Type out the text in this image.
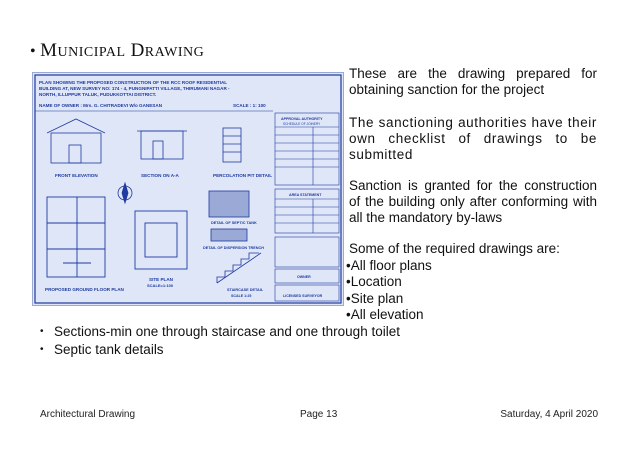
• MUNICIPAL DRAWING
PLAN SHOWING THE PROPOSED CONSTRUCTION OF THE RCC ROOF RESIDENTIAL
BUILDING AT, NEW SURVEY NO: 174 - 4, PUNGNIPATTI VILLAGE, THIRUMANI NAGAR -
NORTH, ILLUPPUR TALUK, PUDUKKOTTAI DISTRICT.
NAME OF OWNER : Mrs. G. CHITRADEVI W/o GANESAN	SCALE : 1: 100
FRONT ELEVATION	SECTION ON A-A	PERCOLATION PIT DETAIL
APPROVAL AUTHORITY
SCHEDULE OF JOINERY
AREA STATEMENT
OWNER
LICENSED SURVEYOR
PROPOSED GROUND FLOOR PLAN
SITE PLAN
SCALE=1:100
DETAIL OF SEPTIC TANK
DETAIL OF DISPERSION TRENCH
STAIRCASE DETAIL
SCALE 1:25
These are the drawing prepared for obtaining sanction for the project
The sanctioning authorities have their own checklist of drawings to be submitted
Sanction is granted for the construction of the building only after conforming with all the mandatory by-laws
Some of the required drawings are:
•All floor plans
•Location
•Site plan
•All elevation
• Sections-min one through staircase and one through toilet
• Septic tank details
Architectural Drawing	Page 13	Saturday, 4 April 2020
